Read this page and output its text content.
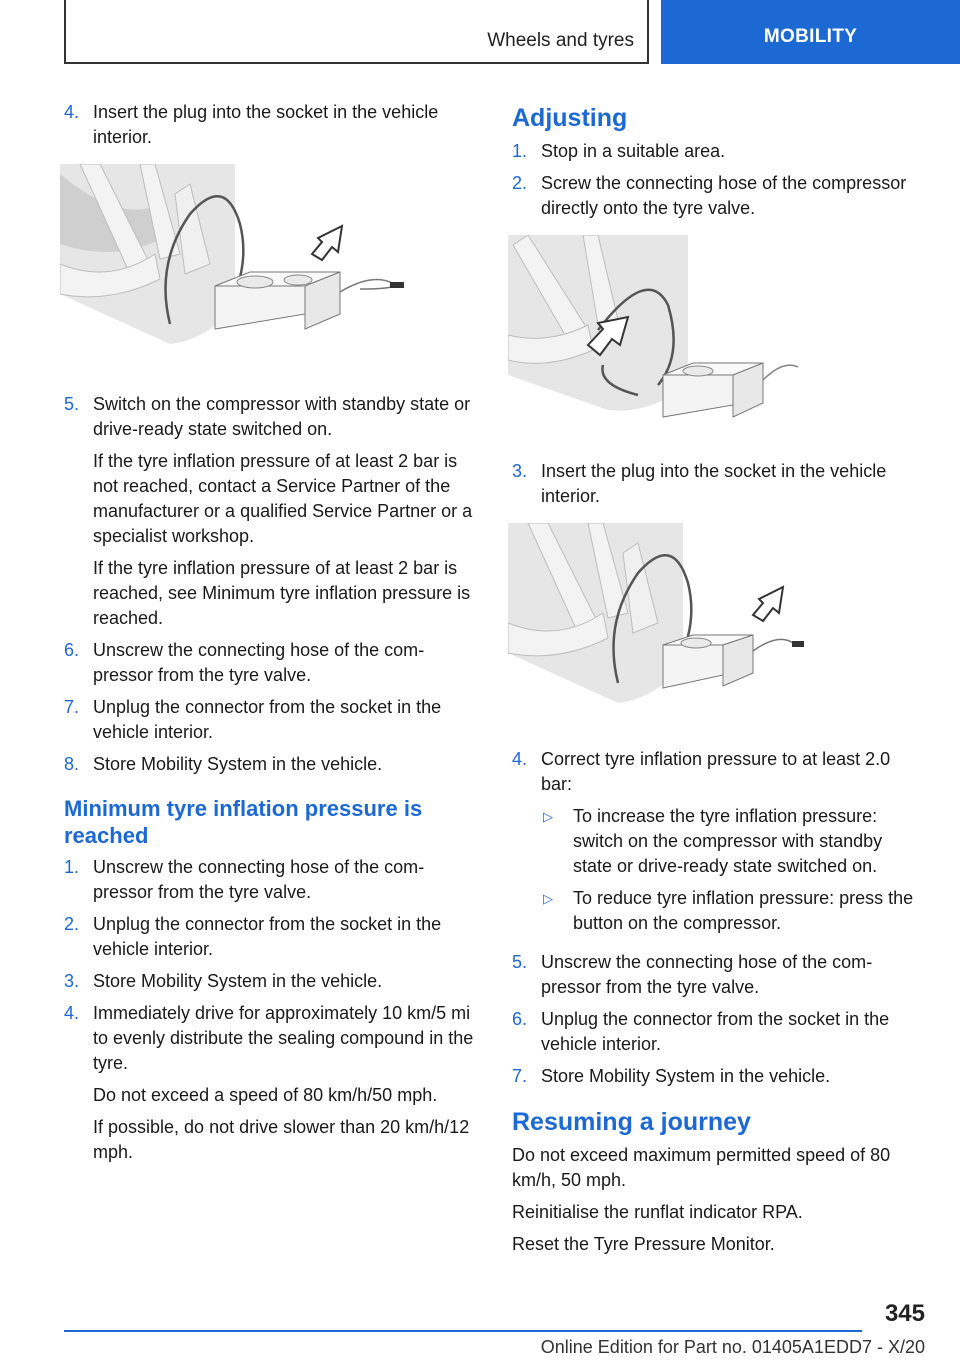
Wheels and tyres	MOBILITY
4. Insert the plug into the socket in the vehicle interior.

5. Switch on the compressor with standby state or drive-ready state switched on.

If the tyre inflation pressure of at least 2 bar is not reached, contact a Service Partner of the manufacturer or a qualified Service Partner or a specialist workshop.

If the tyre inflation pressure of at least 2 bar is reached, see Minimum tyre inflation pressure is reached.

6. Unscrew the connecting hose of the compressor from the tyre valve.

7. Unplug the connector from the socket in the vehicle interior.

8. Store Mobility System in the vehicle.

Minimum tyre inflation pressure is reached
1. Unscrew the connecting hose of the compressor from the tyre valve.

2. Unplug the connector from the socket in the vehicle interior.

3. Store Mobility System in the vehicle.

4. Immediately drive for approximately 10 km/5 mi to evenly distribute the sealing compound in the tyre.

Do not exceed a speed of 80 km/h/50 mph.

If possible, do not drive slower than 20 km/h/12 mph.

Adjusting
1. Stop in a suitable area.

2. Screw the connecting hose of the compressor directly onto the tyre valve.

3. Insert the plug into the socket in the vehicle interior.

4. Correct tyre inflation pressure to at least 2.0 bar:

▷	To increase the tyre inflation pressure: switch on the compressor with standby state or drive-ready state switched on.
▷	To reduce tyre inflation pressure: press the button on the compressor.
5. Unscrew the connecting hose of the compressor from the tyre valve.

6. Unplug the connector from the socket in the vehicle interior.

7. Store Mobility System in the vehicle.

Resuming a journey

Do not exceed maximum permitted speed of 80 km/h, 50 mph.

Reinitialise the runflat indicator RPA.

Reset the Tyre Pressure Monitor.

345
Online Edition for Part no. 01405A1EDD7 - X/20
